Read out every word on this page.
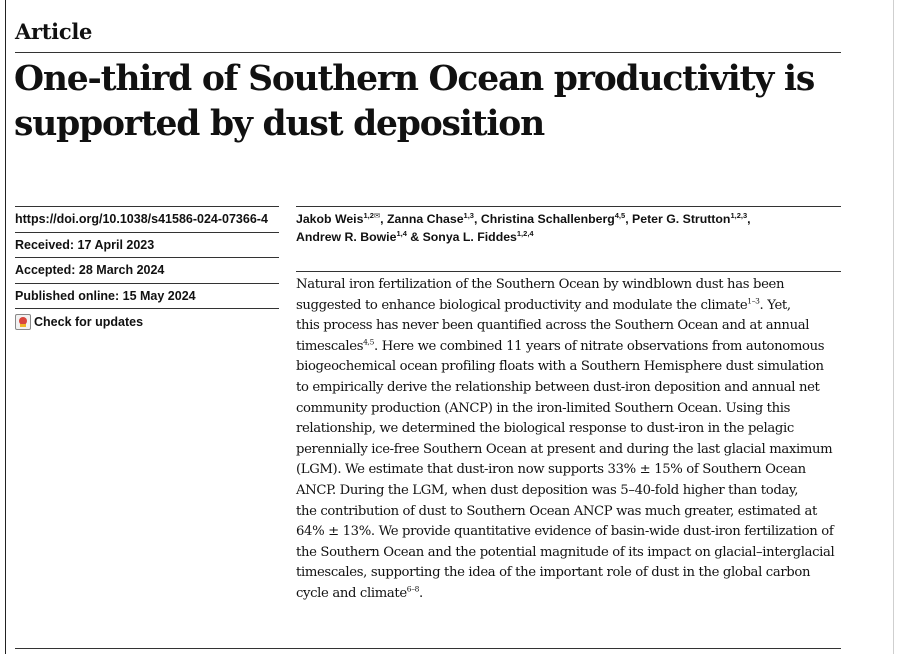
Article
One-third of Southern Ocean productivity is
supported by dust deposition
https://doi.org/10.1038/s41586-024-07366-4
Received: 17 April 2023
Accepted: 28 March 2024
Published online: 15 May 2024
Check for updates
Jakob Weis$^{1,2✉}$, Zanna Chase$^{1,3}$, Christina Schallenberg$^{4,5}$, Peter G. Strutton$^{1,2,3}$,
Andrew R. Bowie$^{1,4}$ & Sonya L. Fiddes$^{1,2,4}$
Natural iron fertilization of the Southern Ocean by windblown dust has been
suggested to enhance biological productivity and modulate the climate$^{1-3}$. Yet,
this process has never been quantified across the Southern Ocean and at annual
timescales$^{4,5}$. Here we combined 11 years of nitrate observations from autonomous
biogeochemical ocean profiling floats with a Southern Hemisphere dust simulation
to empirically derive the relationship between dust-iron deposition and annual net
community production (ANCP) in the iron-limited Southern Ocean. Using this
relationship, we determined the biological response to dust-iron in the pelagic
perennially ice-free Southern Ocean at present and during the last glacial maximum
(LGM). We estimate that dust-iron now supports 33% ± 15% of Southern Ocean
ANCP. During the LGM, when dust deposition was 5–40-fold higher than today,
the contribution of dust to Southern Ocean ANCP was much greater, estimated at
64% ± 13%. We provide quantitative evidence of basin-wide dust-iron fertilization of
the Southern Ocean and the potential magnitude of its impact on glacial–interglacial
timescales, supporting the idea of the important role of dust in the global carbon
cycle and climate$^{6-8}$.
